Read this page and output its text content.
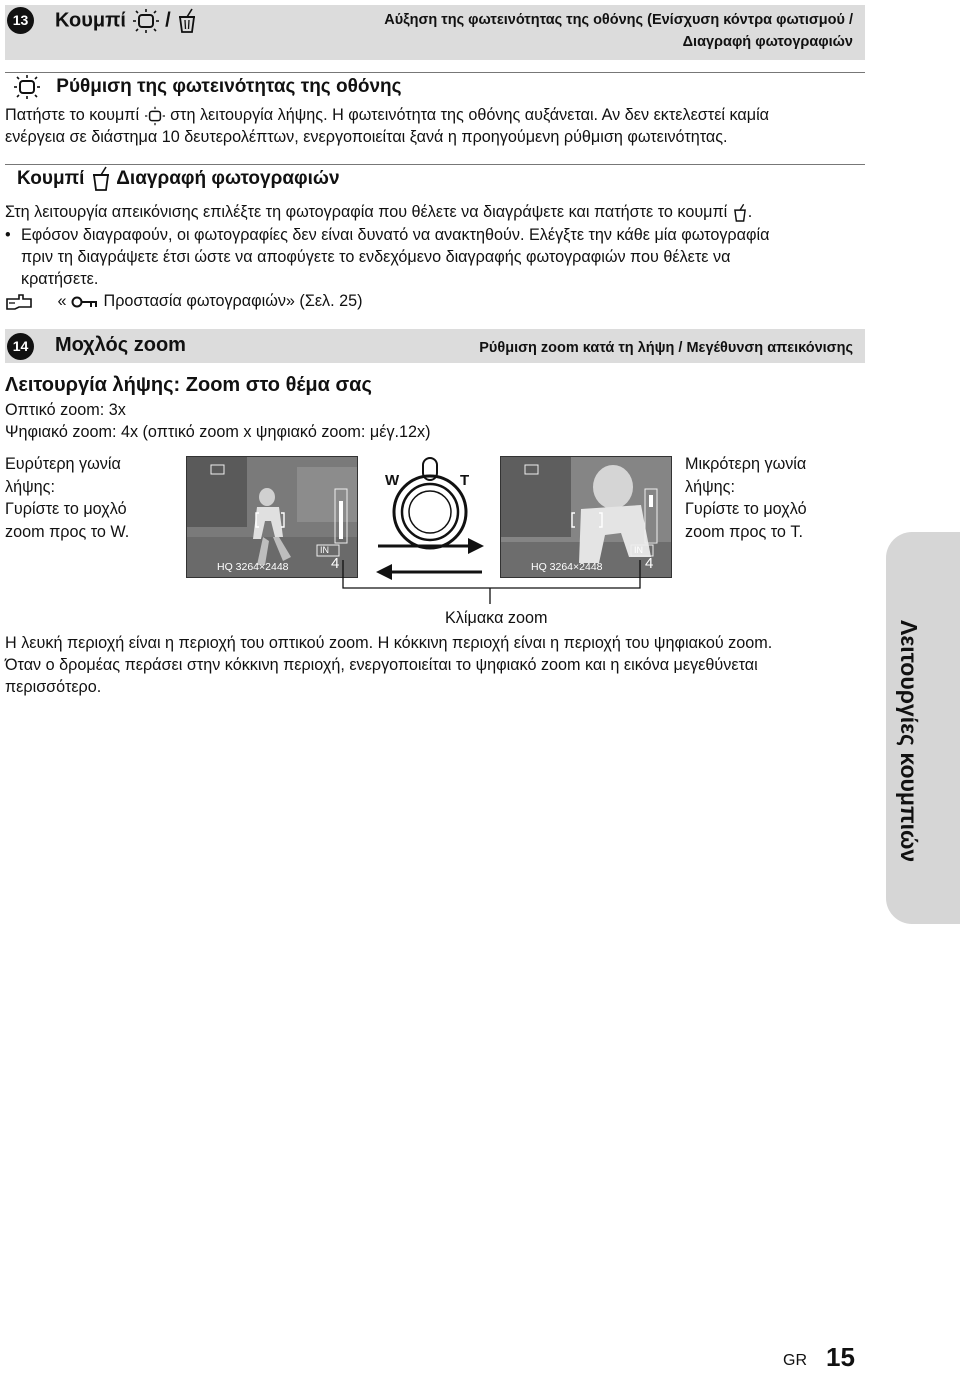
13 Κουμπί /	Αύξηση της φωτεινότητας της οθόνης (Ενίσχυση κόντρα φωτισμού /
Διαγραφή φωτογραφιών
Ρύθμιση της φωτεινότητας της οθόνης
Πατήστε το κουμπί στη λειτουργία λήψης. Η φωτεινότητα της οθόνης αυξάνεται. Αν δεν εκτελεστεί καμία
ενέργεια σε διάστημα 10 δευτερολέπτων, ενεργοποιείται ξανά η προηγούμενη ρύθμιση φωτεινότητας.
Κουμπί Διαγραφή φωτογραφιών
Στη λειτουργία απεικόνισης επιλέξτε τη φωτογραφία που θέλετε να διαγράψετε και πατήστε το κουμπί .
• Εφόσον διαγραφούν, οι φωτογραφίες δεν είναι δυνατό να ανακτηθούν. Ελέγξτε την κάθε μία φωτογραφία
πριν τη διαγράψετε έτσι ώστε να αποφύγετε το ενδεχόμενο διαγραφής φωτογραφιών που θέλετε να
κρατήσετε.
« Προστασία φωτογραφιών» (Σελ. 25)
14 Μοχλός zoom	Ρύθμιση zoom κατά τη λήψη / Μεγέθυνση απεικόνισης
Λειτουργία λήψης: Zoom στο θέμα σας
Οπτικό zoom: 3x
Ψηφιακό zoom: 4x (οπτικό zoom x ψηφιακό zoom: μέγ.12x)
Ευρύτερη γωνία
λήψης:
Γυρίστε το μοχλό
zoom προς το W.
Μικρότερη γωνία
λήψης:
Γυρίστε το μοχλό
zoom προς το T.
IN
HQ 3264×2448	4
IN
HQ 3264×2448	4
W	T
Κλίμακα zoom
Η λευκή περιοχή είναι η περιοχή του οπτικού zoom. Η κόκκινη περιοχή είναι η περιοχή του ψηφιακού zoom.
Όταν ο δρομέας περάσει στην κόκκινη περιοχή, ενεργοποιείται το ψηφιακό zoom και η εικόνα μεγεθύνεται
περισσότερο.	Λειτουργίες κουμπιών
GR 15
